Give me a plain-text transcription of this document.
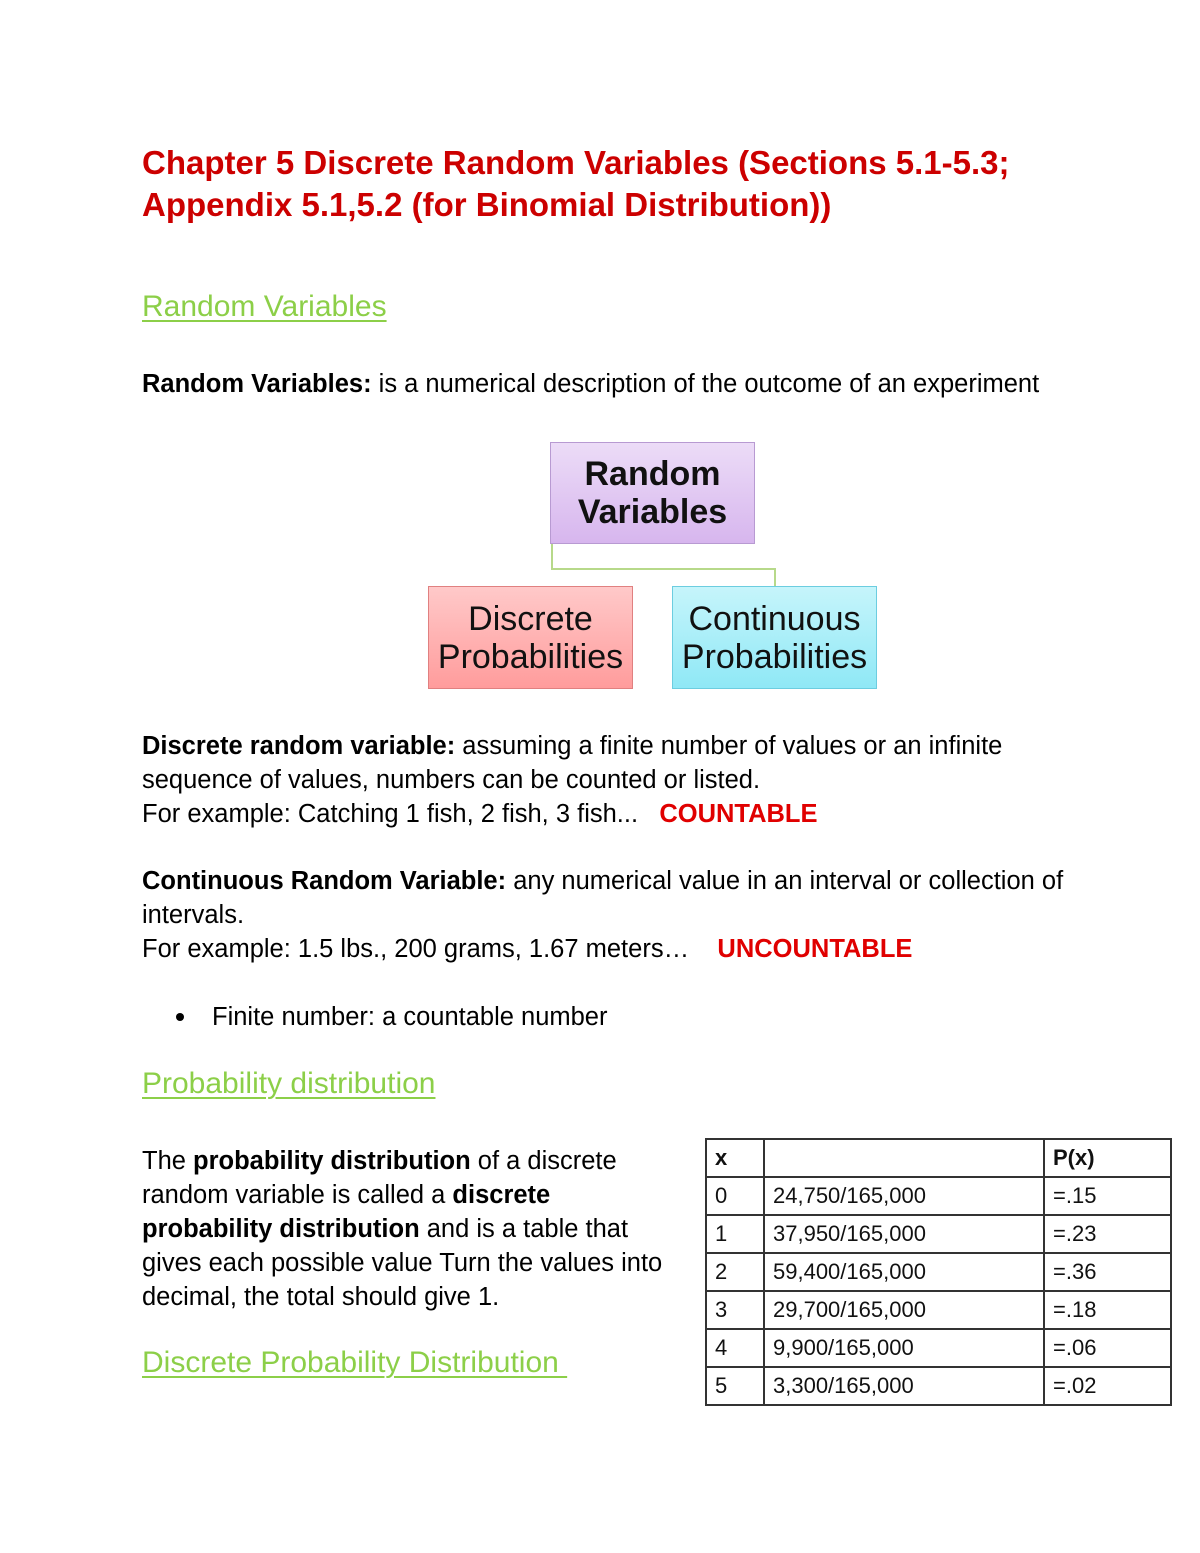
Chapter 5 Discrete Random Variables (Sections 5.1-5.3; Appendix 5.1,5.2 (for Binomial Distribution))
Random Variables
Random Variables: is a numerical description of the outcome of an experiment
Random Variables
Discrete Probabilities
Continuous Probabilities
Discrete random variable: assuming a finite number of values or an infinite sequence of values, numbers can be counted or listed.
For example: Catching 1 fish, 2 fish, 3 fish... COUNTABLE
Continuous Random Variable: any numerical value in an interval or collection of intervals.
For example: 1.5 lbs., 200 grams, 1.67 meters… UNCOUNTABLE
Finite number: a countable number
Probability distribution
The probability distribution of a discrete random variable is called a discrete probability distribution and is a table that gives each possible value Turn the values into decimal, the total should give 1.
Discrete Probability Distribution
x		P(x)
0	24,750/165,000	=.15
1	37,950/165,000	=.23
2	59,400/165,000	=.36
3	29,700/165,000	=.18
4	9,900/165,000	=.06
5	3,300/165,000	=.02
